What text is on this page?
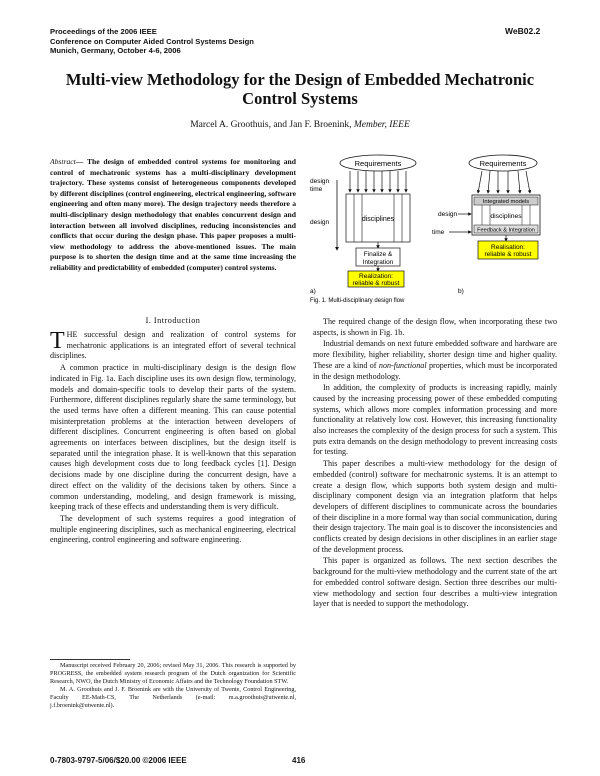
Proceedings of the 2006 IEEE
Conference on Computer Aided Control Systems Design
Munich, Germany, October 4-6, 2006
WeB02.2
Multi-view Methodology for the Design of Embedded Mechatronic Control Systems
Marcel A. Groothuis, and Jan F. Broenink, Member, IEEE
Abstract— The design of embedded control systems for monitoring and control of mechatronic systems has a multi-disciplinary development trajectory. These systems consist of heterogeneous components developed by different disciplines (control engineering, electrical engineering, software engineering and often many more). The design trajectory needs therefore a multi-disciplinary design methodology that enables concurrent design and interaction between all involved disciplines, reducing inconsistencies and conflicts that occur during the design phase. This paper proposes a multi-view methodology to address the above-mentioned issues. The main purpose is to shorten the design time and at the same time increasing the reliability and predictability of embedded (computer) control systems.
Requirements
design
time
design	disciplines
Finalize &
Integration
Realization:
reliable & robust
a)
Requirements
Integrated models
disciplines
Feedback & Integration
design
time
Realisation:
reliable & robust
b)
Fig. 1. Multi-disciplinary design flow
I. Introduction

THE successful design and realization of control systems for mechatronic applications is an integrated effort of several technical disciplines.

A common practice in multi-disciplinary design is the design flow indicated in Fig. 1a. Each discipline uses its own design flow, terminology, models and domain-specific tools to develop their parts of the system. Furthermore, different disciplines regularly share the same terminology, but the used terms have often a different meaning. This can cause potential misinterpretation problems at the interaction between developers of different disciplines. Concurrent engineering is often based on global agreements on interfaces between disciplines, but the design itself is separated until the integration phase. It is well-known that this separation causes high development costs due to long feedback cycles [1]. Design decisions made by one discipline during the concurrent design, have a direct effect on the validity of the decisions taken by others. Since a common understanding, modeling, and design framework is missing, keeping track of these effects and understanding them is very difficult.

The development of such systems requires a good integration of multiple engineering disciplines, such as mechanical engineering, electrical engineering, control engineering and software engineering.

Manuscript received February 20, 2006; revised May 31, 2006. This research is supported by PROGRESS, the embedded system research program of the Dutch organization for Scientific Research, NWO, the Dutch Ministry of Economic Affairs and the Technology Foundation STW.

M. A. Groothuis and J. F. Broenink are with the University of Twente, Control Engineering, Faculty EE-Math-CS, The Netherlands (e-mail: m.a.groothuis@utwente.nl, j.f.broenink@utwente.nl).

The required change of the design flow, when incorporating these two aspects, is shown in Fig. 1b.

Industrial demands on next future embedded software and hardware are more flexibility, higher reliability, shorter design time and higher quality. These are a kind of non-functional properties, which must be incorporated in the design methodology.

In addition, the complexity of products is increasing rapidly, mainly caused by the increasing processing power of these embedded computing systems, which allows more complex information processing and more functionality at relatively low cost. However, this increasing functionality also increases the complexity of the design process for such a system. This puts extra demands on the design methodology to prevent increasing costs for testing.

This paper describes a multi-view methodology for the design of embedded (control) software for mechatronic systems. It is an attempt to create a design flow, which supports both system design and multi-disciplinary component design via an integration platform that helps developers of different disciplines to communicate across the boundaries of their discipline in a more formal way than social communication, during their design trajectory. The main goal is to discover the inconsistencies and conflicts created by design decisions in other disciplines in an earlier stage of the development process.

This paper is organized as follows. The next section describes the background for the multi-view methodology and the current state of the art for embedded control software design. Section three describes our multi-view methodology and section four describes a multi-view integration layer that is needed to support the methodology.

0-7803-9797-5/06/$20.00 ©2006 IEEE	416
